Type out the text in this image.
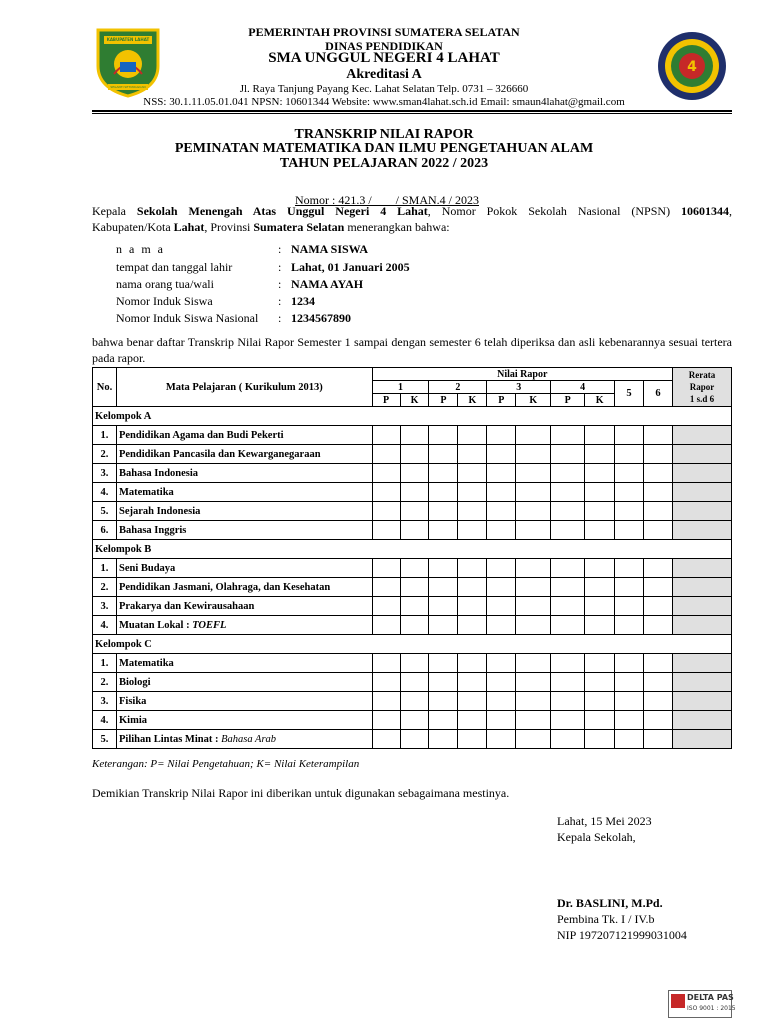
KABUPATEN LAHAT
SEGANTI SETUNGGUAN
4
PEMERINTAH PROVINSI SUMATERA SELATAN
DINAS PENDIDIKAN
SMA UNGGUL NEGERI 4 LAHAT
Akreditasi A
Jl. Raya Tanjung Payang Kec. Lahat Selatan Telp. 0731 – 326660
NSS: 30.1.11.05.01.041 NPSN: 10601344 Website: www.sman4lahat.sch.id Email: smaun4lahat@gmail.com
TRANSKRIP NILAI RAPOR
PEMINATAN MATEMATIKA DAN ILMU PENGETAHUAN ALAM
TAHUN PELAJARAN 2022 / 2023

Nomor : 421.3 /        / SMAN.4 / 2023

Kepala Sekolah Menengah Atas Unggul Negeri 4 Lahat, Nomor Pokok Sekolah Nasional (NPSN) 10601344,
Kabupaten/Kota Lahat, Provinsi Sumatera Selatan menerangkan bahwa:
n a m a	: NAMA SISWA
tempat dan tanggal lahir	: Lahat, 01 Januari 2005
nama orang tua/wali	: NAMA AYAH
Nomor Induk Siswa	: 1234
Nomor Induk Siswa Nasional : 1234567890
bahwa benar daftar Transkrip Nilai Rapor Semester 1 sampai dengan semester 6 telah diperiksa dan asli kebenarannya sesuai tertera pada rapor.
No.	Mata Pelajaran ( Kurikulum 2013)	Nilai Rapor										Rerata
Rapor
1 s.d 6

		1		2		3		4		5	6	
		P	K	P	K	P	K	P	K			
Kelompok A												
1.	Pendidikan Agama dan Budi Pekerti											
2.	Pendidikan Pancasila dan Kewarganegaraan											
3.	Bahasa Indonesia											
4.	Matematika											
5.	Sejarah Indonesia											
6.	Bahasa Inggris											
Kelompok B												
1.	Seni Budaya											
2.	Pendidikan Jasmani, Olahraga, dan Kesehatan											
3.	Prakarya dan Kewirausahaan											
4.	Muatan Lokal : TOEFL											
Kelompok C												
1.	Matematika											
2.	Biologi											
3.	Fisika											
4.	Kimia											
5.	Pilihan Lintas Minat : Bahasa Arab											
Keterangan: P= Nilai Pengetahuan; K= Nilai Keterampilan
Demikian Transkrip Nilai Rapor ini diberikan untuk digunakan sebagaimana mestinya.
Lahat, 15 Mei 2023
Kepala Sekolah,
Dr. BASLINI, M.Pd.
Pembina Tk. I / IV.b
NIP 197207121999031004
DELTA PAS
ISO 9001 : 2015
